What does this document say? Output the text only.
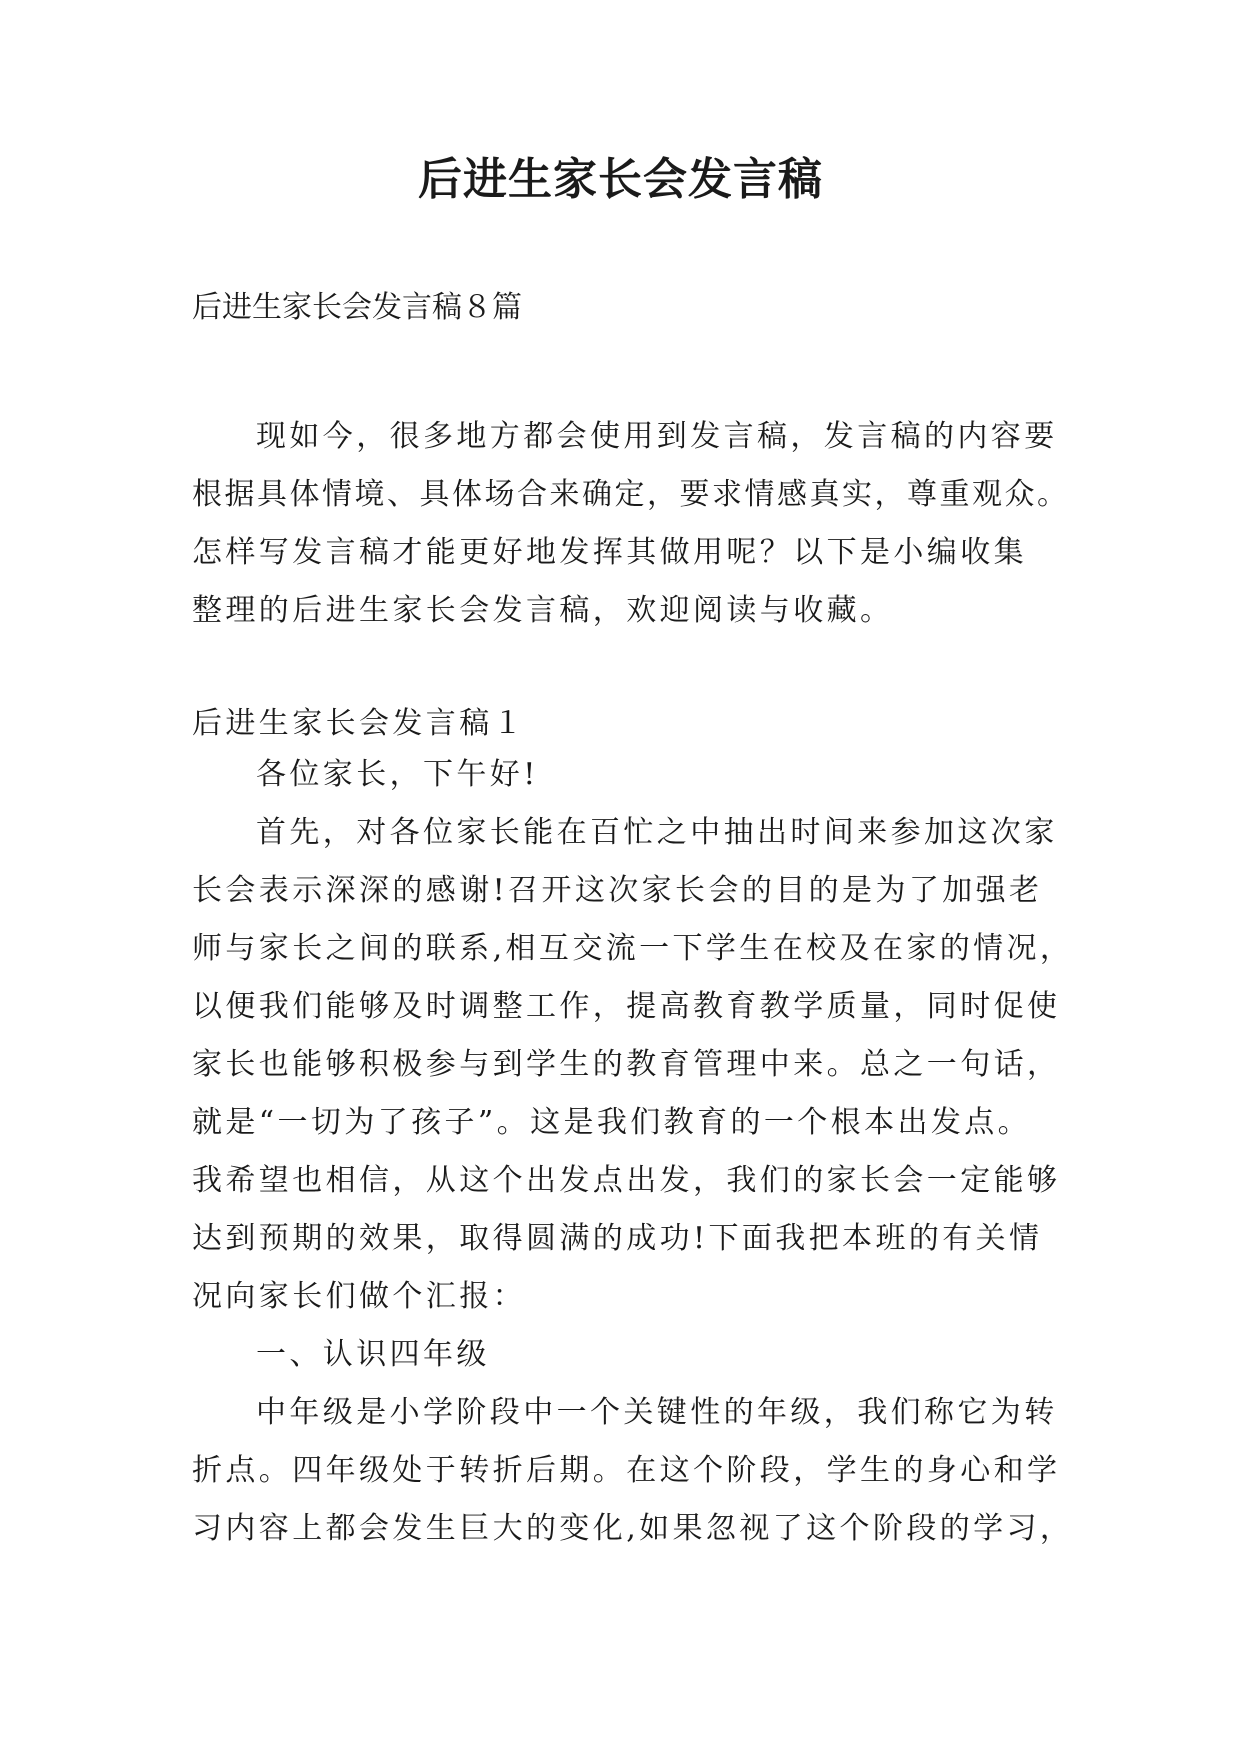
后进生家长会发言稿
后进生家长会发言稿８篇
现如今，很多地方都会使用到发言稿，发言稿的内容要
根据具体情境、具体场合来确定，要求情感真实，尊重观众。
怎样写发言稿才能更好地发挥其做用呢？以下是小编收集
整理的后进生家长会发言稿，欢迎阅读与收藏。
后进生家长会发言稿１
各位家长，下午好!
首先，对各位家长能在百忙之中抽出时间来参加这次家
长会表示深深的感谢!召开这次家长会的目的是为了加强老
师与家长之间的联系,相互交流一下学生在校及在家的情况，
以便我们能够及时调整工作，提高教育教学质量，同时促使
家长也能够积极参与到学生的教育管理中来。总之一句话，
就是“一切为了孩子”。这是我们教育的一个根本出发点。
我希望也相信，从这个出发点出发，我们的家长会一定能够
达到预期的效果，取得圆满的成功!下面我把本班的有关情
况向家长们做个汇报：
一、认识四年级
中年级是小学阶段中一个关键性的年级，我们称它为转
折点。四年级处于转折后期。在这个阶段，学生的身心和学
习内容上都会发生巨大的变化,如果忽视了这个阶段的学习，
